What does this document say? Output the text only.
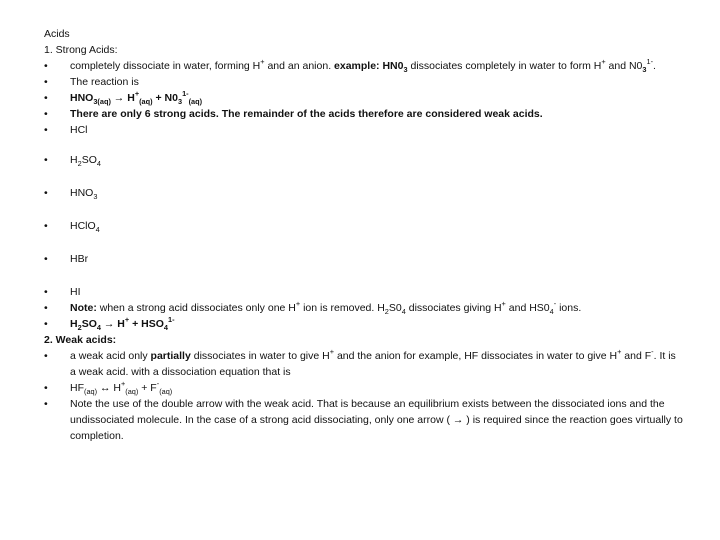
Acids

1. Strong Acids:

• completely dissociate in water, forming H+ and an anion. example: $HN0_3$ dissociates completely in water to form H+ and $N0_3^{1-}$.
• The reaction is
• $HNO_{3(aq)} \to H^+_{(aq)} + N0_3^{1-}_{(aq)}$
• There are only 6 strong acids. The remainder of the acids therefore are considered weak acids.
• HCl
• $H_2SO_4$
• $HNO_3$
• HClO$_4$
• HBr
• HI
• Note: when a strong acid dissociates only one H+ ion is removed. $H_2S0_4$ dissociates giving H+ and $HS0_4^-$ ions.
• $H_2SO_4 \to H^+ + HSO_4^{1-}$

2. Weak acids:

• a weak acid only partially dissociates in water to give H+ and the anion for example, HF dissociates in water to give H+ and F-. It is a weak acid. with a dissociation equation that is
• $HF_{(aq)}$ ↔ $H^+_{(aq)} + F^-_{(aq)}$
• Note the use of the double arrow with the weak acid. That is because an equilibrium exists between the dissociated ions and the undissociated molecule. In the case of a strong acid dissociating, only one arrow ( → ) is required since the reaction goes virtually to completion.
